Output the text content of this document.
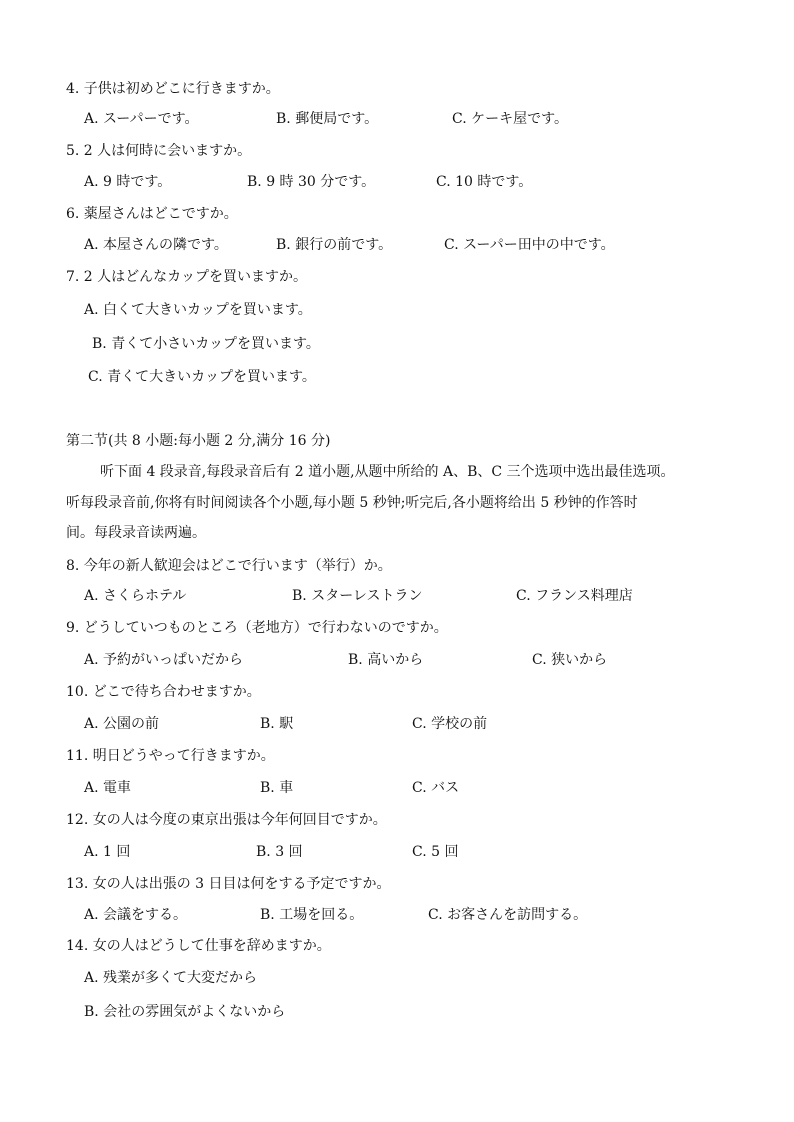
4. 子供は初めどこに行きますか。
A. スーパーです。	B. 郵便局です。	C. ケーキ屋です。
5. 2 人は何時に会いますか。
A. 9 時です。	B. 9 時 30 分です。	C. 10 時です。
6. 薬屋さんはどこですか。
A. 本屋さんの隣です。	B. 銀行の前です。	C. スーパー田中の中です。
7. 2 人はどんなカップを買いますか。
A. 白くて大きいカップを買います。
B. 青くて小さいカップを買います。
C. 青くて大きいカップを買います。
第二节(共 8 小题:每小题 2 分,满分 16 分)
听下面 4 段录音,每段录音后有 2 道小题,从题中所给的 A、B、C 三个选项中选出最佳选项。
听每段录音前,你将有时间阅读各个小题,每小题 5 秒钟;听完后,各小题将给出 5 秒钟的作答时
间。每段录音读两遍。
8. 今年の新人歓迎会はどこで行います（举行）か。
A. さくらホテル	B. スターレストラン	C. フランス料理店
9. どうしていつものところ（老地方）で行わないのですか。
A. 予約がいっぱいだから	B. 高いから	C. 狭いから
10. どこで待ち合わせますか。
A. 公園の前	B. 駅	C. 学校の前
11. 明日どうやって行きますか。
A. 電車	B. 車	C. バス
12. 女の人は今度の東京出張は今年何回目ですか。
A. 1 回	B. 3 回	C. 5 回
13. 女の人は出張の 3 日目は何をする予定ですか。
A. 会議をする。	B. 工場を回る。	C. お客さんを訪問する。
14. 女の人はどうして仕事を辞めますか。
A. 残業が多くて大変だから
B. 会社の雰囲気がよくないから
